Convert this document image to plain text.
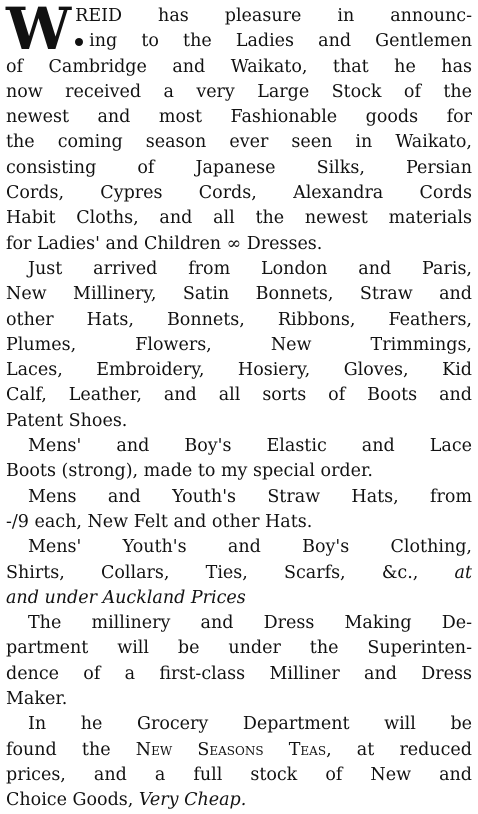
W REID has pleasure in announc-
ing to the Ladies and Gentlemen
of Cambridge and Waikato, that he has
now received a very Large Stock of the
newest and most Fashionable goods for
the coming season ever seen in Waikato,
consisting of Japanese Silks, Persian
Cords, Cypres Cords, Alexandra Cords
Habit Cloths, and all the newest materials
for Ladies' and Children ∞ Dresses.
Just arrived from London and Paris,
New Millinery, Satin Bonnets, Straw and
other Hats, Bonnets, Ribbons, Feathers,
Plumes, Flowers, New Trimmings,
Laces, Embroidery, Hosiery, Gloves, Kid
Calf, Leather, and all sorts of Boots and
Patent Shoes.
Mens' and Boy's Elastic and Lace
Boots (strong), made to my special order.
Mens and Youth's Straw Hats, from
-/9 each, New Felt and other Hats.
Mens' Youth's and Boy's Clothing,
Shirts, Collars, Ties, Scarfs, &c., at
and under Auckland Prices
The millinery and Dress Making De-
partment will be under the Superinten-
dence of a first-class Milliner and Dress
Maker.
In he Grocery Department will be
found the New Seasons Teas, at reduced
prices, and a full stock of New and
Choice Goods, Very Cheap.
